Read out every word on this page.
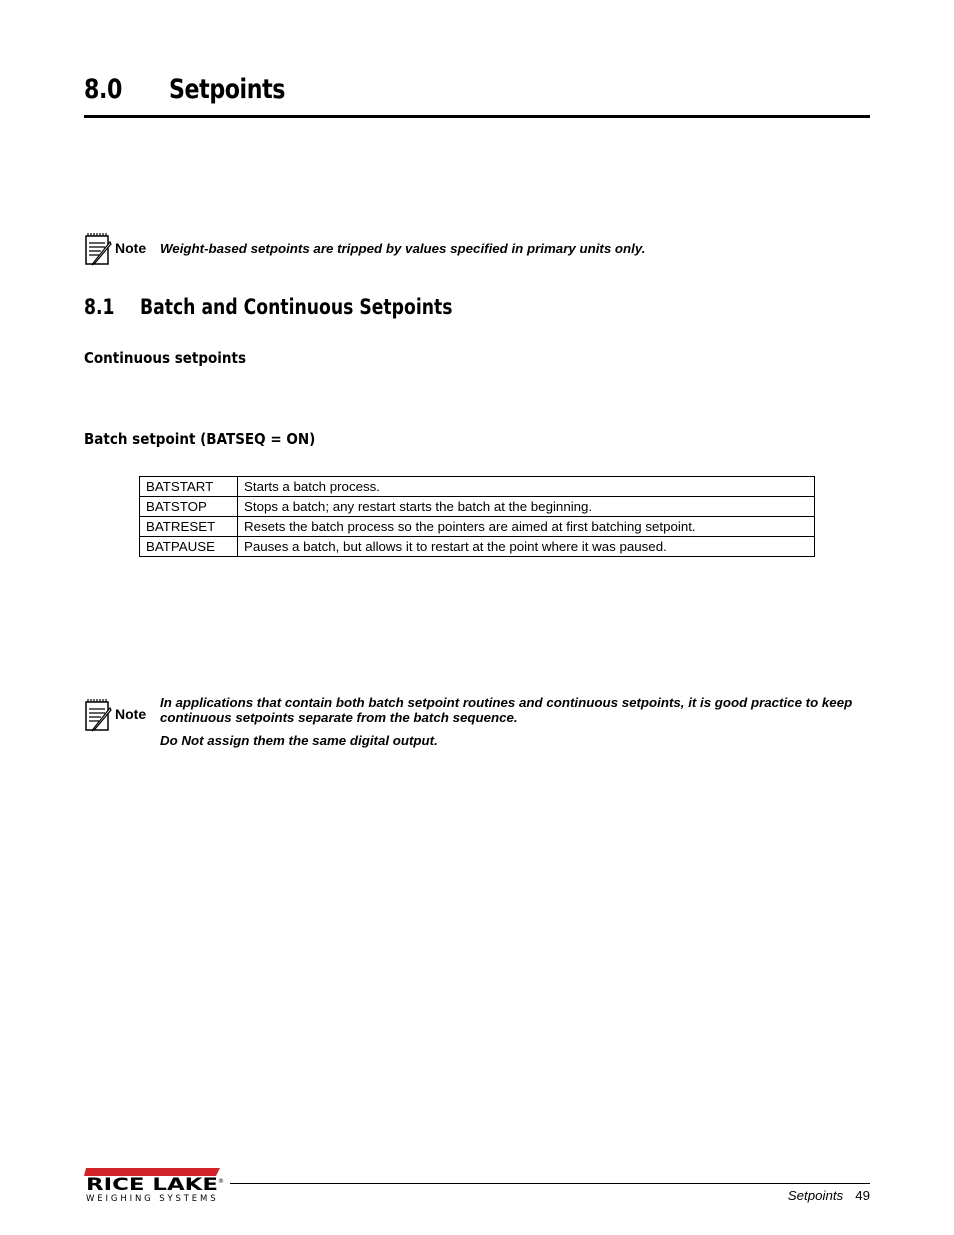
8.0 Setpoints
Note Weight-based setpoints are tripped by values specified in primary units only.
8.1 Batch and Continuous Setpoints
Continuous setpoints
Batch setpoint (BATSEQ = ON)
BATSTART	Starts a batch process.
BATSTOP	Stops a batch; any restart starts the batch at the beginning.
BATRESET	Resets the batch process so the pointers are aimed at first batching setpoint.
BATPAUSE	Pauses a batch, but allows it to restart at the point where it was paused.
Note
In applications that contain both batch setpoint routines and continuous setpoints, it is good practice to keep continuous setpoints separate from the batch sequence.
Do Not assign them the same digital output.
RICE LAKE ®
WEIGHING SYSTEMS	Setpoints 49
